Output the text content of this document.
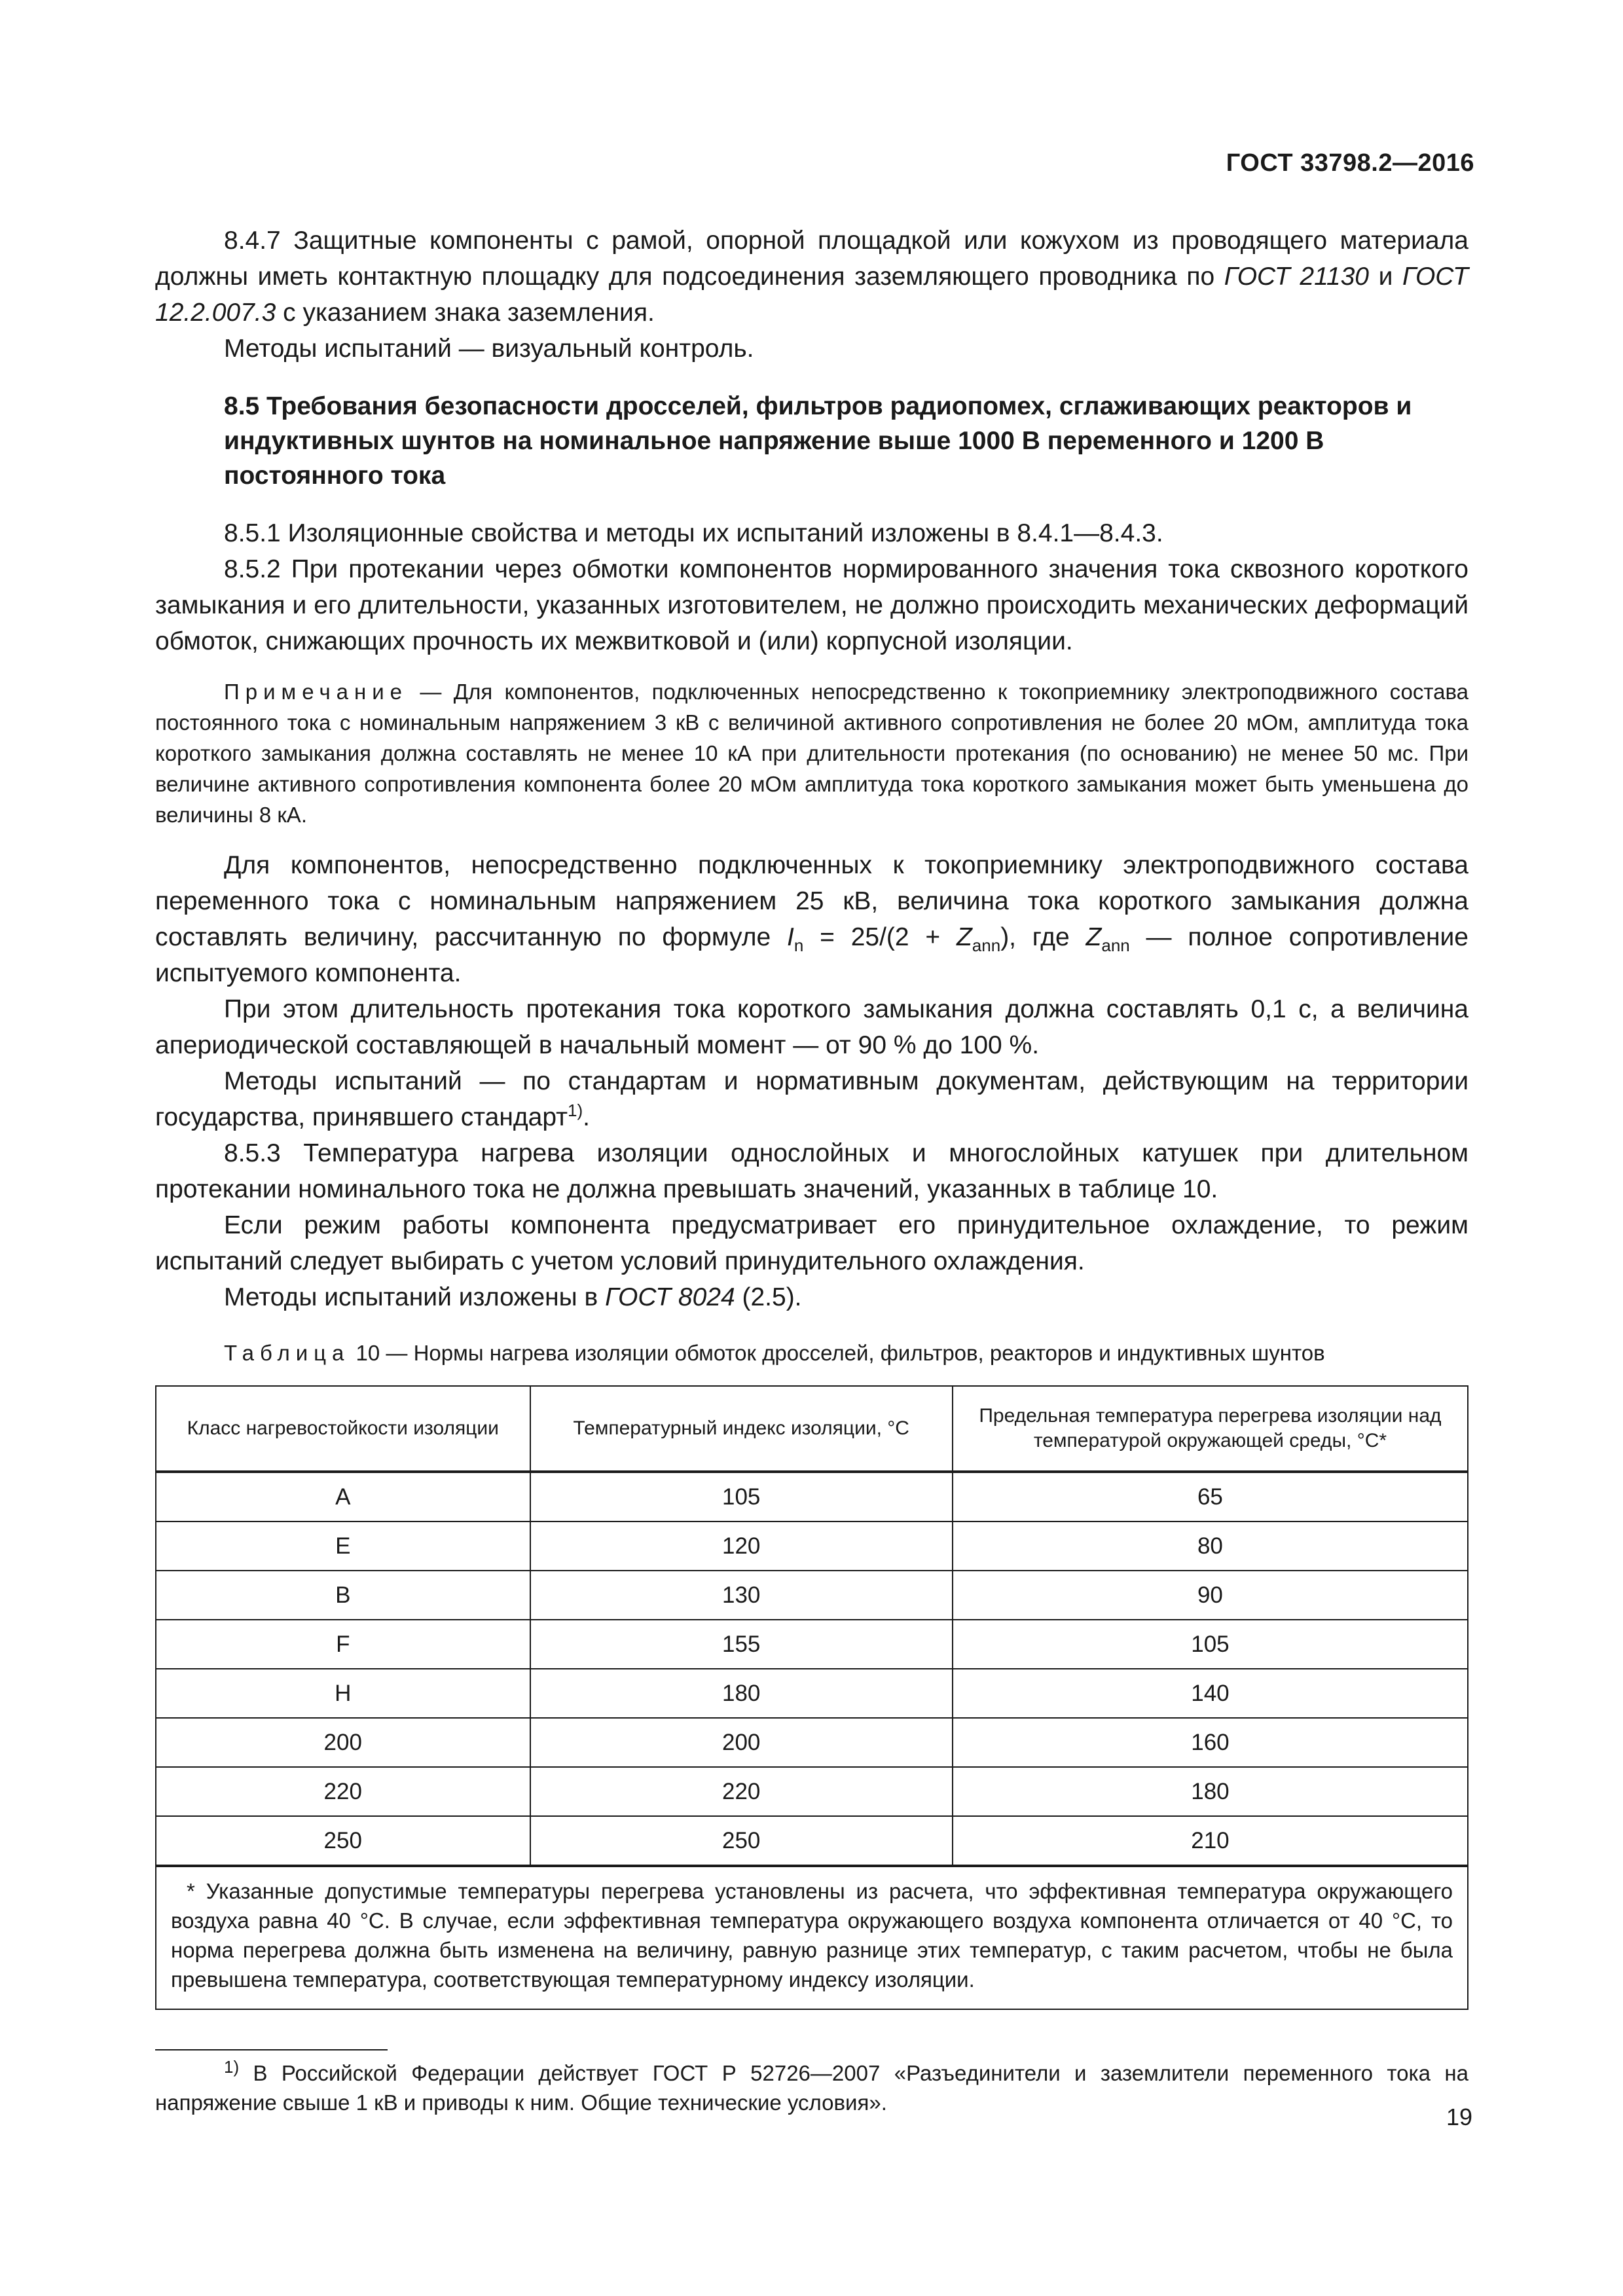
ГОСТ 33798.2—2016

8.4.7 Защитные компоненты с рамой, опорной площадкой или кожухом из проводящего материала должны иметь контактную площадку для подсоединения заземляющего проводника по ГОСТ 21130 и ГОСТ 12.2.007.3 с указанием знака заземления.

Методы испытаний — визуальный контроль.

8.5 Требования безопасности дросселей, фильтров радиопомех, сглаживающих реакторов и индуктивных шунтов на номинальное напряжение выше 1000 В переменного и 1200 В постоянного тока

8.5.1 Изоляционные свойства и методы их испытаний изложены в 8.4.1—8.4.3.

8.5.2 При протекании через обмотки компонентов нормированного значения тока сквозного короткого замыкания и его длительности, указанных изготовителем, не должно происходить механических деформаций обмоток, снижающих прочность их межвитковой и (или) корпусной изоляции.

Примечание — Для компонентов, подключенных непосредственно к токоприемнику электроподвижного состава постоянного тока с номинальным напряжением 3 кВ с величиной активного сопротивления не более 20 мОм, амплитуда тока короткого замыкания должна составлять не менее 10 кА при длительности протекания (по основанию) не менее 50 мс. При величине активного сопротивления компонента более 20 мОм амплитуда тока короткого замыкания может быть уменьшена до величины 8 кА.

Для компонентов, непосредственно подключенных к токоприемнику электроподвижного состава переменного тока с номинальным напряжением 25 кВ, величина тока короткого замыкания должна составлять величину, рассчитанную по формуле $I_n = 25/(2 + Z_{ann})$, где $Z_{ann}$ — полное сопротивление испытуемого компонента.

При этом длительность протекания тока короткого замыкания должна составлять 0,1 с, а величина апериодической составляющей в начальный момент — от 90 % до 100 %.

Методы испытаний — по стандартам и нормативным документам, действующим на территории государства, принявшего стандарт$^{1)}$.

8.5.3 Температура нагрева изоляции однослойных и многослойных катушек при длительном протекании номинального тока не должна превышать значений, указанных в таблице 10.

Если режим работы компонента предусматривает его принудительное охлаждение, то режим испытаний следует выбирать с учетом условий принудительного охлаждения.

Методы испытаний изложены в ГОСТ 8024 (2.5).

Таблица 10 — Нормы нагрева изоляции обмоток дросселей, фильтров, реакторов и индуктивных шунтов

Класс нагревостойкости изоляции	Температурный индекс изоляции, °С	Предельная температура перегрева изоляции над температурой окружающей среды, °С*
А	105	65
Е	120	80
В	130	90
F	155	105
Н	180	140
200	200	160
220	220	180
250	250	210
* Указанные допустимые температуры перегрева установлены из расчета, что эффективная температура окружающего воздуха равна 40 °С. В случае, если эффективная температура окружающего воздуха компонента отличается от 40 °С, то норма перегрева должна быть изменена на величину, равную разнице этих температур, с таким расчетом, чтобы не была превышена температура, соответствующая температурному индексу изоляции.		

$^{1)}$ В Российской Федерации действует ГОСТ Р 52726—2007 «Разъединители и заземлители переменного тока на напряжение свыше 1 кВ и приводы к ним. Общие технические условия».

19
